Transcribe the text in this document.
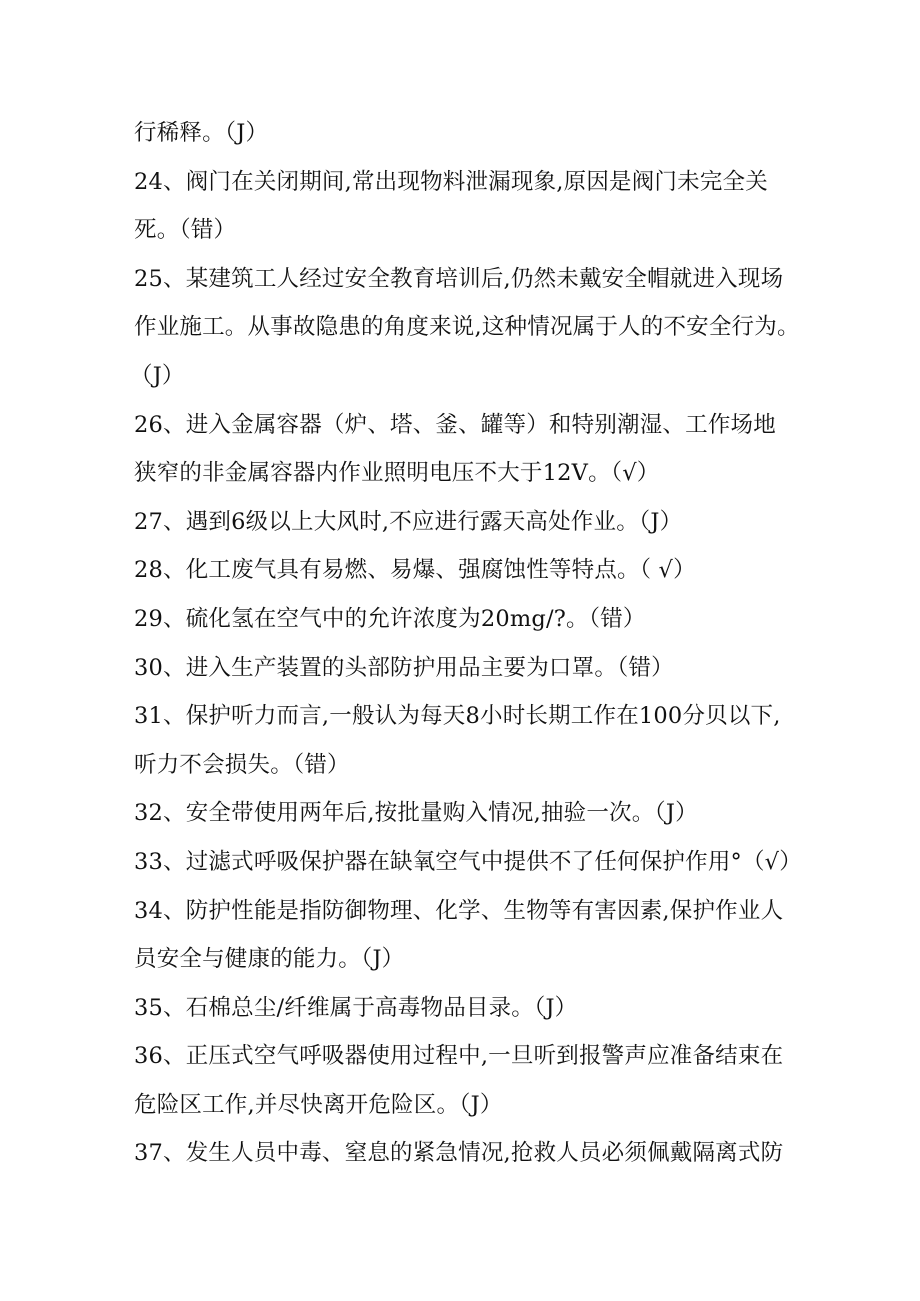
行稀释。（J）

24、阀门在关闭期间,常出现物料泄漏现象,原因是阀门未完全关

死。（错）

25、某建筑工人经过安全教育培训后,仍然未戴安全帽就进入现场

作业施工。从事故隐患的角度来说,这种情况属于人的不安全行为。

（J）

26、进入金属容器（炉、塔、釜、罐等）和特别潮湿、工作场地

狭窄的非金属容器内作业照明电压不大于12V。（√）

27、遇到6级以上大风时,不应进行露天高处作业。（J）

28、化工废气具有易燃、易爆、强腐蚀性等特点。（ √）

29、硫化氢在空气中的允许浓度为20mg/?。（错）

30、进入生产装置的头部防护用品主要为口罩。（错）

31、保护听力而言,一般认为每天8小时长期工作在100分贝以下,

听力不会损失。（错）

32、安全带使用两年后,按批量购入情况,抽验一次。（J）

33、过滤式呼吸保护器在缺氧空气中提供不了任何保护作用°（√）

34、防护性能是指防御物理、化学、生物等有害因素,保护作业人

员安全与健康的能力。（J）

35、石棉总尘/纤维属于高毒物品目录。（J）

36、正压式空气呼吸器使用过程中,一旦听到报警声应准备结束在

危险区工作,并尽快离开危险区。（J）

37、发生人员中毒、窒息的紧急情况,抢救人员必须佩戴隔离式防
